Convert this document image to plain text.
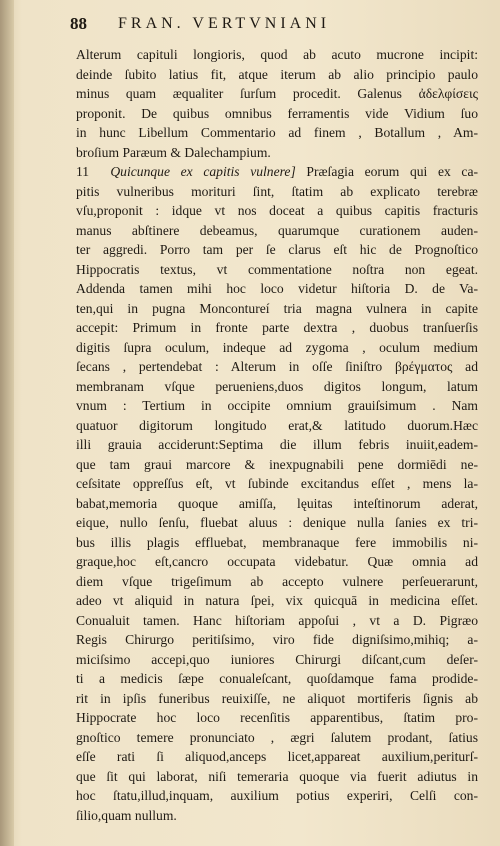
88 FRAN. VERTVNIANI
Alterum capituli longioris, quod ab acuto mucrone incipit:
deinde ſubito latius fit, atque iterum ab alio principio paulo
minus quam æqualiter ſurſum procedit. Galenus ἀδελφίσεις
proponit. De quibus omnibus ferramentis vide Vidium ſuo
in hunc Libellum Commentario ad finem , Botallum , Am-
broſium Paræum & Dalechampium.
11 Quicunque ex capitis vulnere] Præſagia eorum qui ex ca-
pitis vulneribus morituri ſint, ſtatim ab explicato terebræ
vſu,proponit : idque vt nos doceat a quibus capitis fracturis
manus abſtinere debeamus, quarumque curationem auden-
ter aggredi. Porro tam per ſe clarus eſt hic de Prognoſtico
Hippocratis textus, vt commentatione noſtra non egeat.
Addenda tamen mihi hoc loco videtur hiſtoria D. de Va-
ten,qui in pugna Moncontureí tria magna vulnera in capite
accepit: Primum in fronte parte dextra , duobus tranſuerſis
digitis ſupra oculum, indeque ad zygoma , oculum medium
ſecans , pertendebat : Alterum in oſſe ſiniſtro βρέγματος ad
membranam vſque perueniens,duos digitos longum, latum
vnum : Tertium in occipite omnium grauiſsimum . Nam
quatuor digitorum longitudo erat,& latitudo duorum.Hæc
illi grauia acciderunt:Septima die illum febris inuiit,eadem-
que tam graui marcore & inexpugnabili pene dormiēdi ne-
ceſsitate oppreſſus eſt, vt ſubinde excitandus eſſet , mens la-
babat,memoria quoque amiſſa, lęuitas inteſtinorum aderat,
eique, nullo ſenſu, fluebat aluus : denique nulla ſanies ex tri-
bus illis plagis effluebat, membranaque fere immobilis ni-
graque,hoc eſt,cancro occupata videbatur. Quæ omnia ad
diem vſque trigeſimum ab accepto vulnere perſeuerarunt,
adeo vt aliquid in natura ſpei, vix quicquā in medicina eſſet.
Conualuit tamen. Hanc hiſtoriam appoſui , vt a D. Pigræo
Regis Chirurgo peritiſsimo, viro fide digniſsimo,mihiq; a-
miciſsimo accepi,quo iuniores Chirurgi diſcant,cum deſer-
ti a medicis ſæpe conualeſcant, quoſdamque fama prodide-
rit in ipſis funeribus reuixiſſe, ne aliquot mortiferis ſignis ab
Hippocrate hoc loco recenſitis apparentibus, ſtatim pro-
gnoſtico temere pronunciato , ægri ſalutem prodant, ſatius
eſſe rati ſi aliquod,anceps licet,appareat auxilium,periturſ-
que ſit qui laborat, niſi temeraria quoque via fuerit adiutus in
hoc ſtatu,illud,inquam, auxilium potius experiri, Celſi con-
ſilio,quam nullum.
